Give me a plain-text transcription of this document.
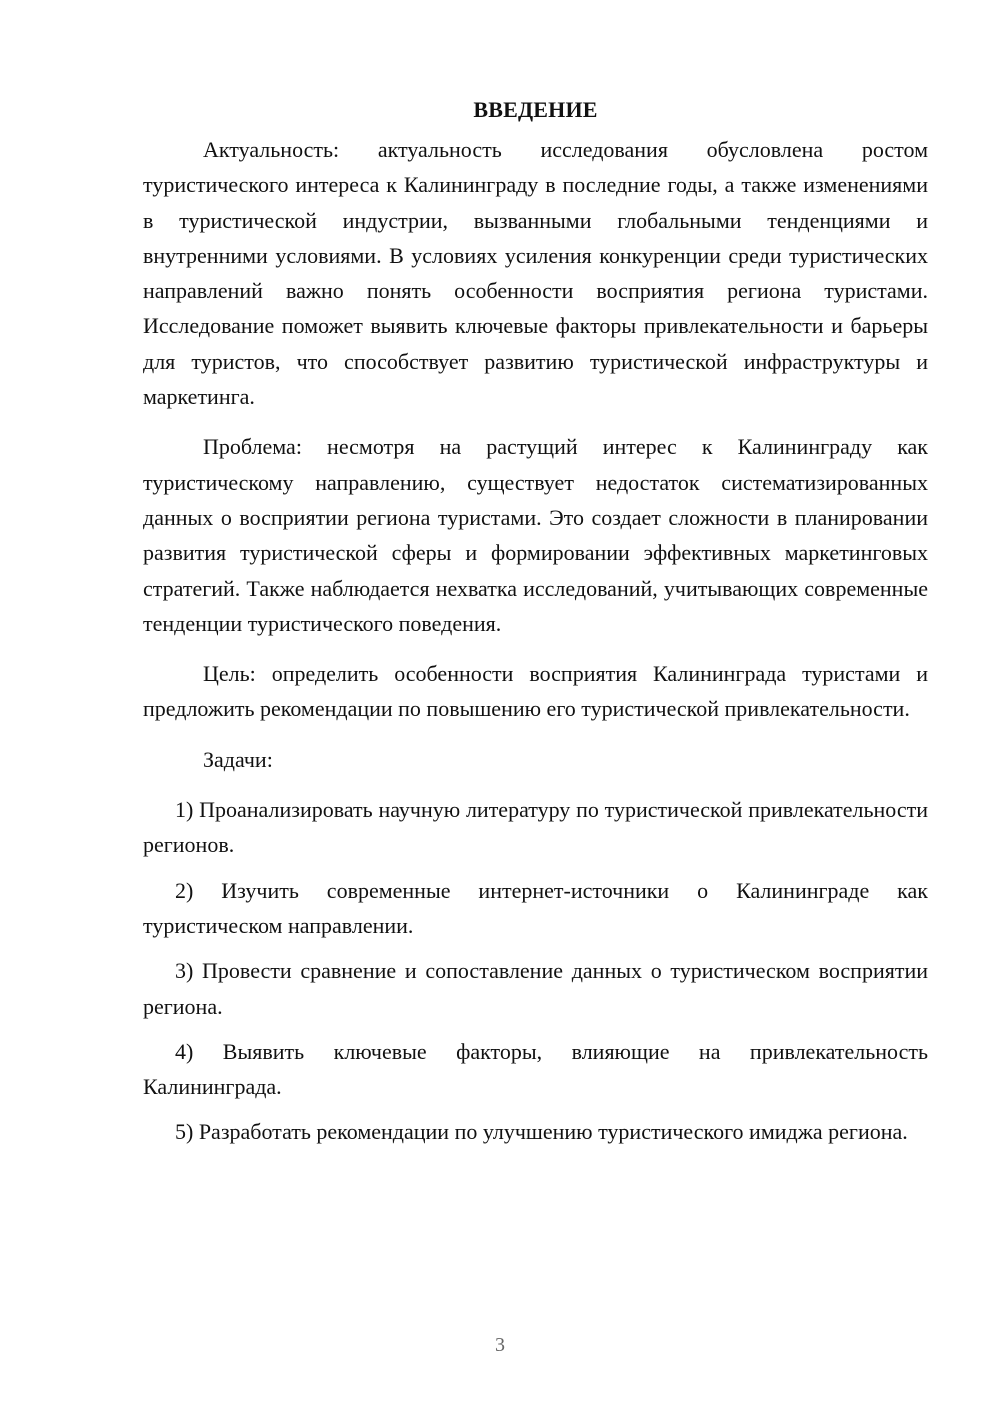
ВВЕДЕНИЕ

Актуальность: актуальность исследования обусловлена ростом туристического интереса к Калининграду в последние годы, а также изменениями в туристической индустрии, вызванными глобальными тенденциями и внутренними условиями. В условиях усиления конкуренции среди туристических направлений важно понять особенности восприятия региона туристами. Исследование поможет выявить ключевые факторы привлекательности и барьеры для туристов, что способствует развитию туристической инфраструктуры и маркетинга.

Проблема: несмотря на растущий интерес к Калининграду как туристическому направлению, существует недостаток систематизированных данных о восприятии региона туристами. Это создает сложности в планировании развития туристической сферы и формировании эффективных маркетинговых стратегий. Также наблюдается нехватка исследований, учитывающих современные тенденции туристического поведения.

Цель: определить особенности восприятия Калининграда туристами и предложить рекомендации по повышению его туристической привлекательности.

Задачи:

1) Проанализировать научную литературу по туристической привлекательности регионов.

2) Изучить современные интернет-источники о Калининграде как туристическом направлении.

3) Провести сравнение и сопоставление данных о туристическом восприятии региона.

4) Выявить ключевые факторы, влияющие на привлекательность Калининграда.

5) Разработать рекомендации по улучшению туристического имиджа региона.

3
